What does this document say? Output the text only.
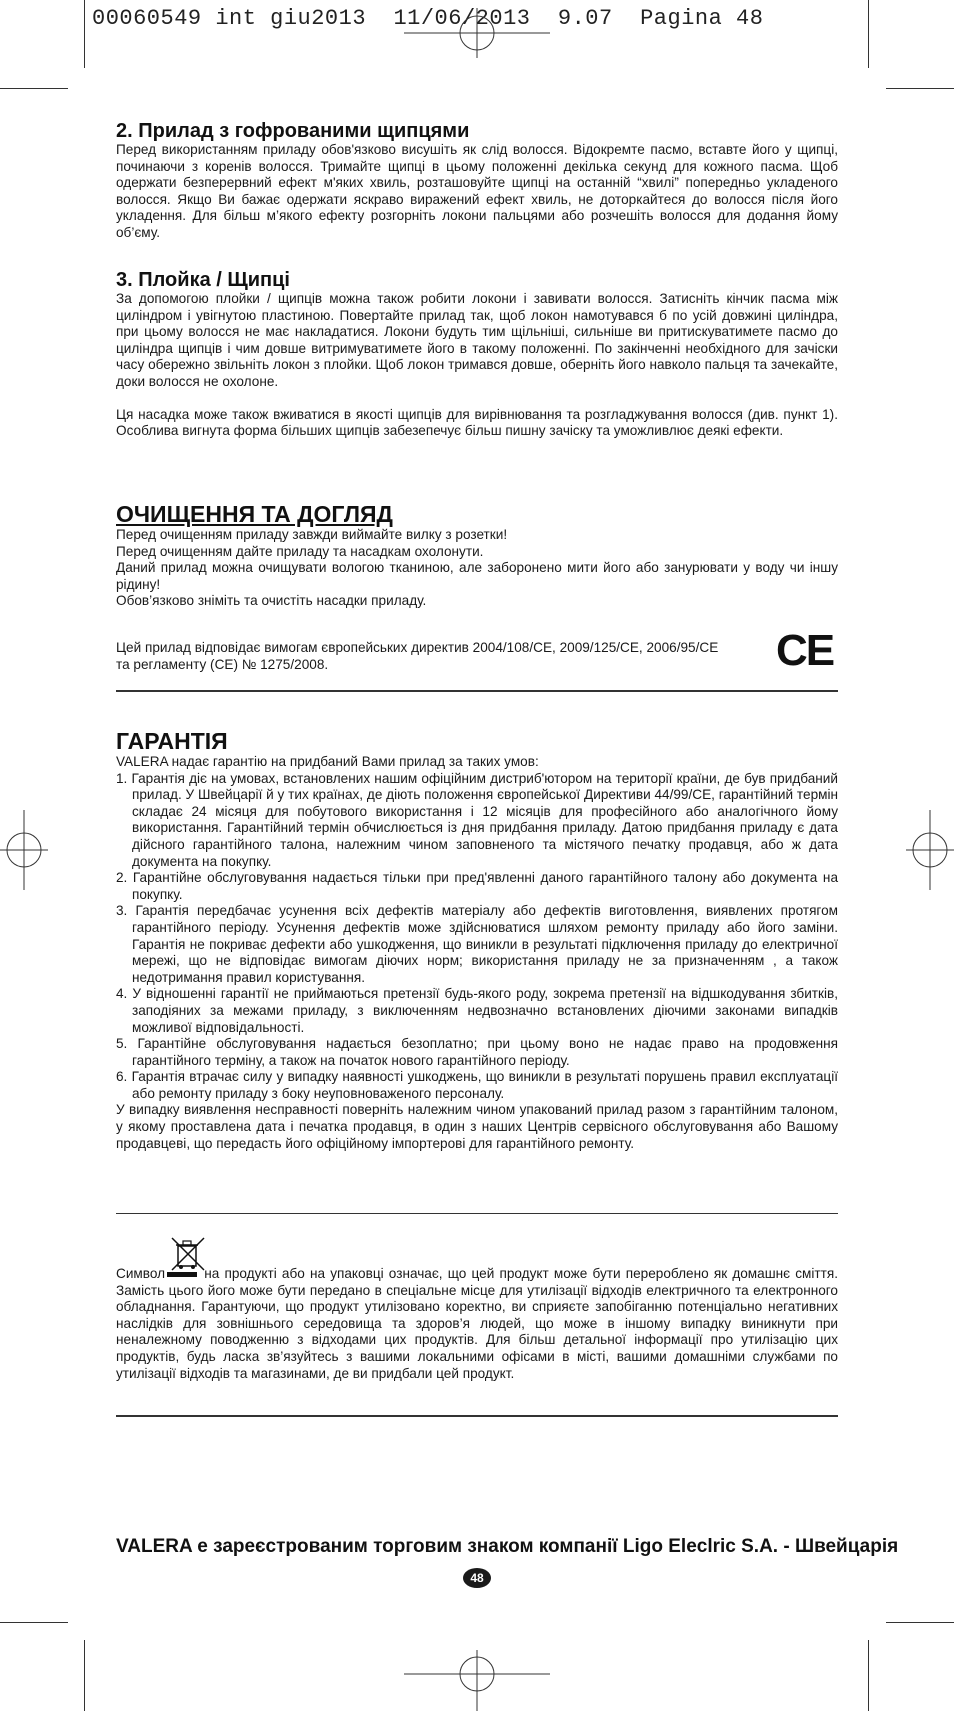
00060549 int giu2013  11/06/2013  9.07  Pagina 48
2. Прилад з гофрованими щипцями

Перед використанням приладу обов'язково висушіть як слід волосся. Відокремте пасмо, вставте його у щипці, починаючи з коренів волосся. Тримайте щипці в цьому положенні декілька секунд для кожного пасма. Щоб одержати безперервний ефект м'яких хвиль, розташовуйте щипці на останній “хвилі” попередньо укладеного волосся. Якщо Ви бажає одержати яскраво виражений ефект хвиль, не доторкайтеся до волосся після його укладення. Для більш м’якого ефекту розгорніть локони пальцями або розчешіть волосся для додання йому об’єму.

3. Плойка / Щипці

За допомогою плойки / щипців можна також робити локони і завивати волосся. Затисніть кінчик пасма між циліндром і увігнутою пластиною. Повертайте прилад так, щоб локон намотувався б по усій довжині циліндра, при цьому волосся не має накладатися. Локони будуть тим щільніші, сильніше ви притискуватимете пасмо до циліндра щипців і чим довше витримуватимете його в такому положенні. По закінченні необхідного для зачіски часу обережно звільніть локон з плойки. Щоб локон тримався довше, оберніть його навколо пальця та зачекайте, доки волосся не охолоне.

Ця насадка може також вживатися в якості щипців для вирівнювання та розгладжування волосся (див. пункт 1). Особлива вигнута форма більших щипців забезепечує більш пишну зачіску та уможливлює деякі ефекти.

ОЧИЩЕННЯ ТА ДОГЛЯД

Перед очищенням приладу завжди виймайте вилку з розетки!

Перед очищенням дайте приладу та насадкам охолонути.

Даний прилад можна очищувати вологою тканиною, але заборонено мити його або занурювати у воду чи іншу рідину!

Обов’язково зніміть та очистіть насадки приладу.

Цей прилад відповідає вимогам європейських директив 2004/108/CE, 2009/125/CE, 2006/95/CE та регламенту (CE) № 1275/2008.	CE
ГАРАНТІЯ

VALERA надає гарантію на придбаний Вами прилад за таких умов:

1. Гарантія діє на умовах, встановлених нашим офіційним дистриб'ютором на території країни, де був придбаний прилад. У Швейцарії й у тих країнах, де діють положення європейської Директиви 44/99/CE, гарантійний термін складає 24 місяця для побутового використання і 12 місяців для професійного або аналогічного йому використання. Гарантійний термін обчислюється із дня придбання приладу. Датою придбання приладу є дата дійсного гарантійного талона, належним чином заповненого та містячого печатку продавця, або ж дата документа на покупку.
2. Гарантійне обслуговування надається тільки при пред'явленні даного гарантійного талону або документа на покупку.
3. Гарантія передбачає усунення всіх дефектів матеріалу або дефектів виготовлення, виявлених протягом гарантійного періоду. Усунення дефектів може здійснюватися шляхом ремонту приладу або його заміни. Гарантія не покриває дефекти або ушкодження, що виникли в результаті підключення приладу до електричної мережі, що не відповідає вимогам діючих норм; використання приладу не за призначенням , а також недотримання правил користування.
4. У відношенні гарантії не приймаються претензії будь-якого роду, зокрема претензії на відшкодування збитків, заподіяних за межами приладу, з виключенням недвозначно встановлених діючими законами випадків можливої відповідальності.
5. Гарантійне обслуговування надається безоплатно; при цьому воно не надає право на продовження гарантійного терміну, а також на початок нового гарантійного періоду.
6. Гарантія втрачає силу у випадку наявності ушкоджень, що виникли в результаті порушень правил експлуатації або ремонту приладу з боку неуповноваженого персоналу.

У випадку виявлення несправності поверніть належним чином упакований прилад разом з гарантійним талоном, у якому проставлена дата і печатка продавця, в один з наших Центрів сервісного обслуговування або Вашому продавцеві, що передасть його офіційному імпортерові для гарантійного ремонту.

Символ	на продукті або на упаковці означає, що цей продукт може бути перероблено як домашнє сміття. Замість цього його може бути передано в спеціальне місце для утилізації відходів електричного та електронного обладнання. Гарантуючи, що продукт утилізовано коректно, ви сприяєте запобіганню потенціально негативних наслідків для зовнішнього середовища та здоров’я людей, що може в іншому випадку виникнути при неналежному поводженню з відходами цих продуктів. Для більш детальної інформації про утилізацію цих продуктів, будь ласка зв’язуйтесь з вашими локальними офісами в місті, вашими домашніми службами по утилізації відходів та магазинами, де ви придбали цей продукт.

VALERA е зареєстрованим торговим знаком компанії Ligo Eleclric S.A. - Швейцарія
48
